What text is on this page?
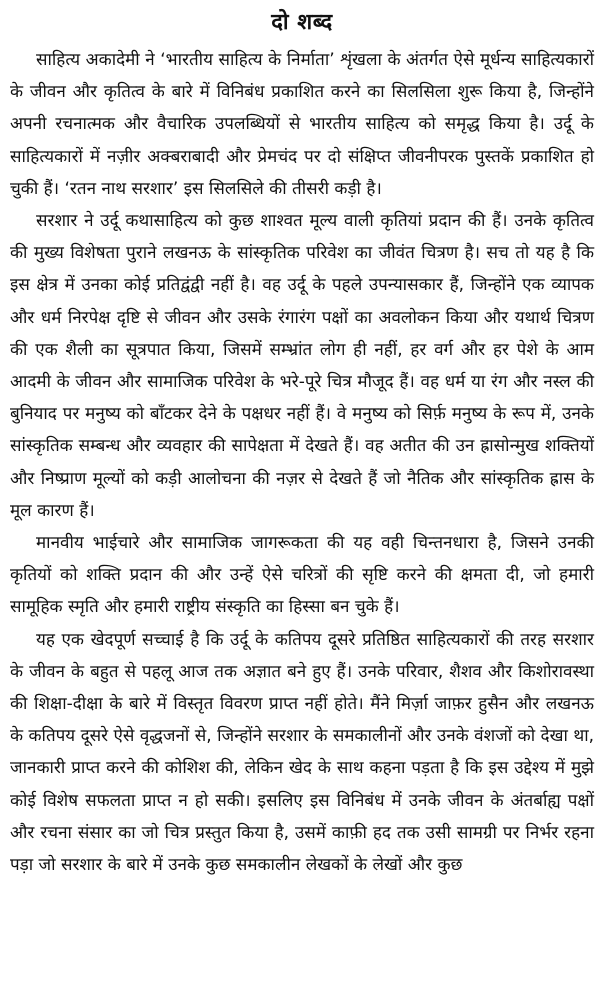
दो शब्द

साहित्य अकादेमी ने ‘भारतीय साहित्य के निर्माता’ शृंखला के अंतर्गत ऐसे मूर्धन्य साहित्यकारों के जीवन और कृतित्व के बारे में विनिबंध प्रकाशित करने का सिलसिला शुरू किया है, जिन्होंने अपनी रचनात्मक और वैचारिक उपलब्धियों से भारतीय साहित्य को समृद्ध किया है। उर्दू के साहित्यकारों में नज़ीर अक्बराबादी और प्रेमचंद पर दो संक्षिप्त जीवनीपरक पुस्तकें प्रकाशित हो चुकी हैं। ‘रतन नाथ सरशार’ इस सिलसिले की तीसरी कड़ी है।

सरशार ने उर्दू कथासाहित्य को कुछ शाश्वत मूल्य वाली कृतियां प्रदान की हैं। उनके कृतित्व की मुख्य विशेषता पुराने लखनऊ के सांस्कृतिक परिवेश का जीवंत चित्रण है। सच तो यह है कि इस क्षेत्र में उनका कोई प्रतिद्वंद्वी नहीं है। वह उर्दू के पहले उपन्यासकार हैं, जिन्होंने एक व्यापक और धर्म निरपेक्ष दृष्टि से जीवन और उसके रंगारंग पक्षों का अवलोकन किया और यथार्थ चित्रण की एक शैली का सूत्रपात किया, जिसमें सम्भ्रांत लोग ही नहीं, हर वर्ग और हर पेशे के आम आदमी के जीवन और सामाजिक परिवेश के भरे-पूरे चित्र मौजूद हैं। वह धर्म या रंग और नस्ल की बुनियाद पर मनुष्य को बाँटकर देने के पक्षधर नहीं हैं। वे मनुष्य को सिर्फ़ मनुष्य के रूप में, उनके सांस्कृतिक सम्बन्ध और व्यवहार की सापेक्षता में देखते हैं। वह अतीत की उन ह्रासोन्मुख शक्तियों और निष्प्राण मूल्यों को कड़ी आलोचना की नज़र से देखते हैं जो नैतिक और सांस्कृतिक ह्रास के मूल कारण हैं।

मानवीय भाईचारे और सामाजिक जागरूकता की यह वही चिन्तनधारा है, जिसने उनकी कृतियों को शक्ति प्रदान की और उन्हें ऐसे चरित्रों की सृष्टि करने की क्षमता दी, जो हमारी सामूहिक स्मृति और हमारी राष्ट्रीय संस्कृति का हिस्सा बन चुके हैं।

यह एक खेदपूर्ण सच्चाई है कि उर्दू के कतिपय दूसरे प्रतिष्ठित साहित्यकारों की तरह सरशार के जीवन के बहुत से पहलू आज तक अज्ञात बने हुए हैं। उनके परिवार, शैशव और किशोरावस्था की शिक्षा-दीक्षा के बारे में विस्तृत विवरण प्राप्त नहीं होते। मैंने मिर्ज़ा जाफ़र हुसैन और लखनऊ के कतिपय दूसरे ऐसे वृद्धजनों से, जिन्होंने सरशार के समकालीनों और उनके वंशजों को देखा था, जानकारी प्राप्त करने की कोशिश की, लेकिन खेद के साथ कहना पड़ता है कि इस उद्देश्य में मुझे कोई विशेष सफलता प्राप्त न हो सकी। इसलिए इस विनिबंध में उनके जीवन के अंतर्बाह्य पक्षों और रचना संसार का जो चित्र प्रस्तुत किया है, उसमें काफ़ी हद तक उसी सामग्री पर निर्भर रहना पड़ा जो सरशार के बारे में उनके कुछ समकालीन लेखकों के लेखों और कुछ
